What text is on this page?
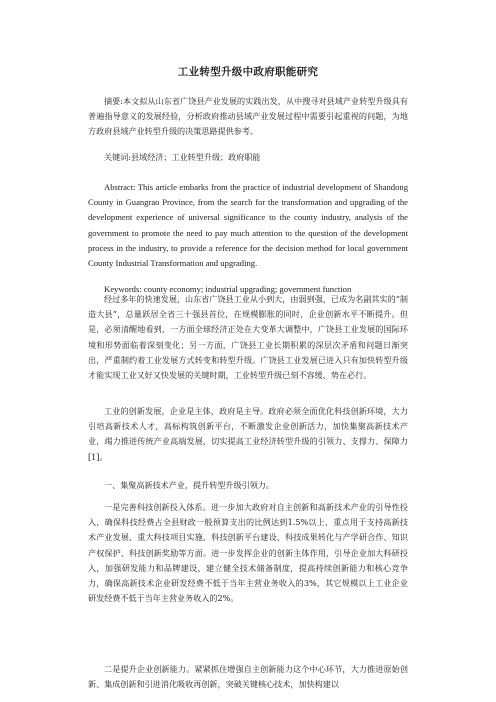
工业转型升级中政府职能研究

摘要:本文拟从山东省广饶县产业发展的实践出发，从中搜寻对县域产业转型升级具有普遍指导意义的发展经验，分析政府推动县域产业发展过程中需要引起重视的问题，为地方政府县域产业转型升级的决策思路提供参考。

关键词:县域经济；工业转型升级；政府职能

Abstract: This article embarks from the practice of industrial development of Shandong County in Guangrao Province, from the search for the transformation and upgrading of the development experience of universal significance to the county industry, analysis of the government to promote the need to pay much attention to the question of the development process in the industry, to provide a reference for the decision method for local government County Industrial Transformation and upgrading.

Keywords: county economy; industrial upgrading; government function

经过多年的快速发展，山东省广饶县工业从小到大，由弱到强，已成为名副其实的“制造大县”，总量跃居全省三十强县首位，在规模膨胀的同时，企业创新水平不断提升。但是，必须清醒地看到，一方面全球经济正处在大变革大调整中，广饶县工业发展的国际环境和形势面临着深刻变化；另一方面，广饶县工业长期积累的深层次矛盾和问题日渐突出，严重制约着工业发展方式转变和转型升级。广饶县工业发展已进入只有加快转型升级才能实现工业又好又快发展的关键时期，工业转型升级已刻不容缓、势在必行。

工业的创新发展，企业是主体，政府是主导。政府必须全面优化科技创新环境，大力引培高新技术人才，高标构筑创新平台，不断激发企业创新活力，加快集聚高新技术产业，竭力推进传统产业高端发展，切实提高工业经济转型升级的引领力、支撑力、保障力[1]。

一、集聚高新技术产业，提升转型升级引领力。

一是完善科技创新投入体系。进一步加大政府对自主创新和高新技术产业的引导性投入，确保科技经费占全县财政一般预算支出的比例达到1.5%以上，重点用于支持高新技术产业发展、重大科技项目实施、科技创新平台建设、科技成果转化与产学研合作、知识产权保护、科技创新奖励等方面。进一步发挥企业的创新主体作用，引导企业加大科研投入，加强研发能力和品牌建设，建立健全技术储备制度，提高持续创新能力和核心竞争力，确保高新技术企业研发经费不低于当年主营业务收入的3%，其它规模以上工业企业研发经费不低于当年主营业务收入的2%。

二是提升企业创新能力。紧紧抓住增强自主创新能力这个中心环节，大力推进原始创新、集成创新和引进消化吸收再创新，突破关键核心技术，加快构建以
